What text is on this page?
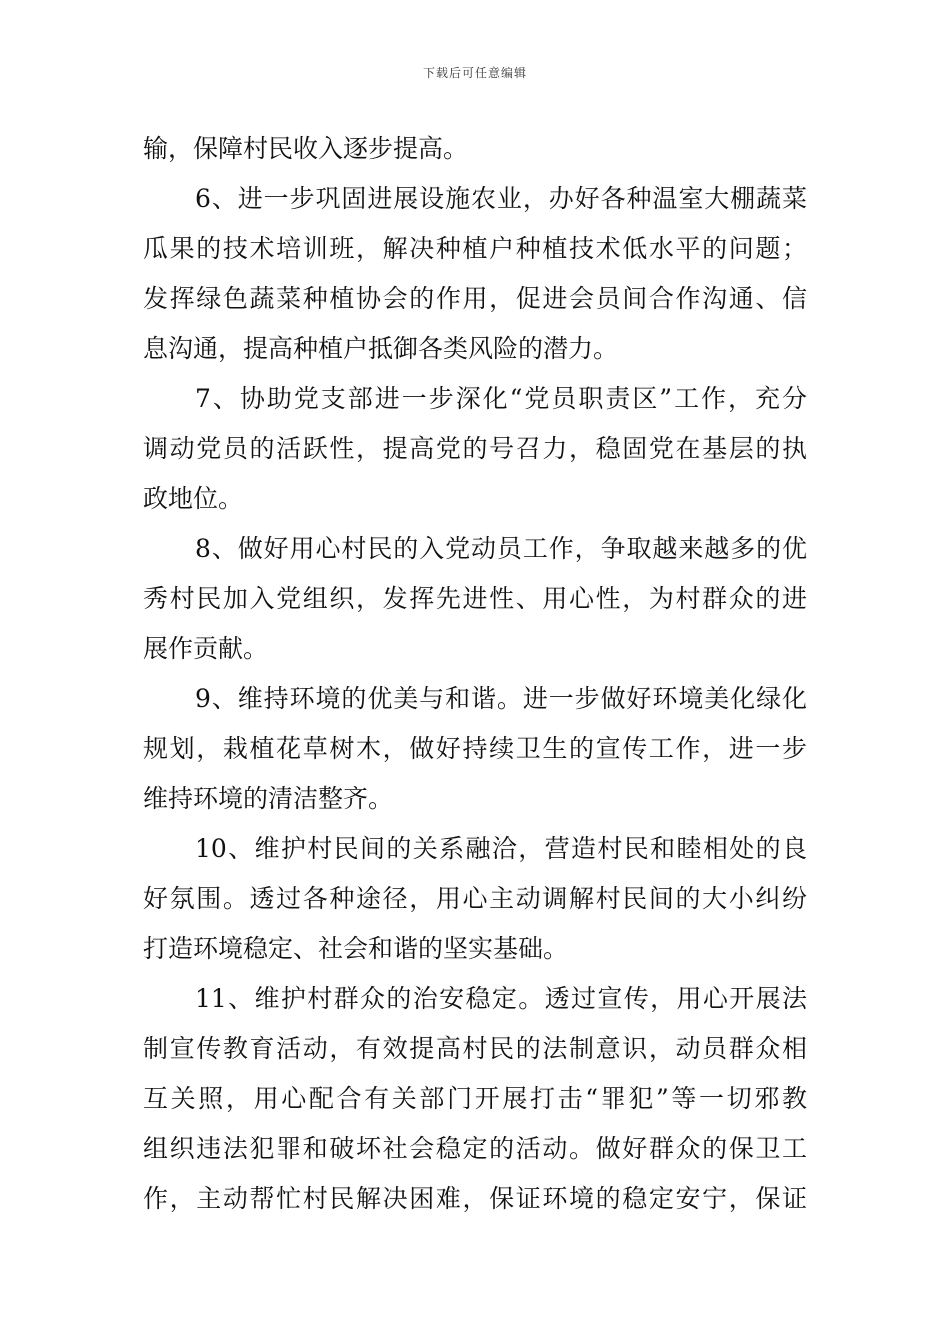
下载后可任意编辑
输，保障村民收入逐步提高。
6、进一步巩固进展设施农业，办好各种温室大棚蔬菜
瓜果的技术培训班，解决种植户种植技术低水平的问题；
发挥绿色蔬菜种植协会的作用，促进会员间合作沟通、信
息沟通，提高种植户抵御各类风险的潜力。
7、协助党支部进一步深化“党员职责区”工作，充分
调动党员的活跃性，提高党的号召力，稳固党在基层的执
政地位。
8、做好用心村民的入党动员工作，争取越来越多的优
秀村民加入党组织，发挥先进性、用心性，为村群众的进
展作贡献。
9、维持环境的优美与和谐。进一步做好环境美化绿化
规划，栽植花草树木，做好持续卫生的宣传工作，进一步
维持环境的清洁整齐。
10、维护村民间的关系融洽，营造村民和睦相处的良
好氛围。透过各种途径，用心主动调解村民间的大小纠纷
打造环境稳定、社会和谐的坚实基础。
11、维护村群众的治安稳定。透过宣传，用心开展法
制宣传教育活动，有效提高村民的法制意识，动员群众相
互关照，用心配合有关部门开展打击“罪犯”等一切邪教
组织违法犯罪和破坏社会稳定的活动。做好群众的保卫工
作，主动帮忙村民解决困难，保证环境的稳定安宁，保证
